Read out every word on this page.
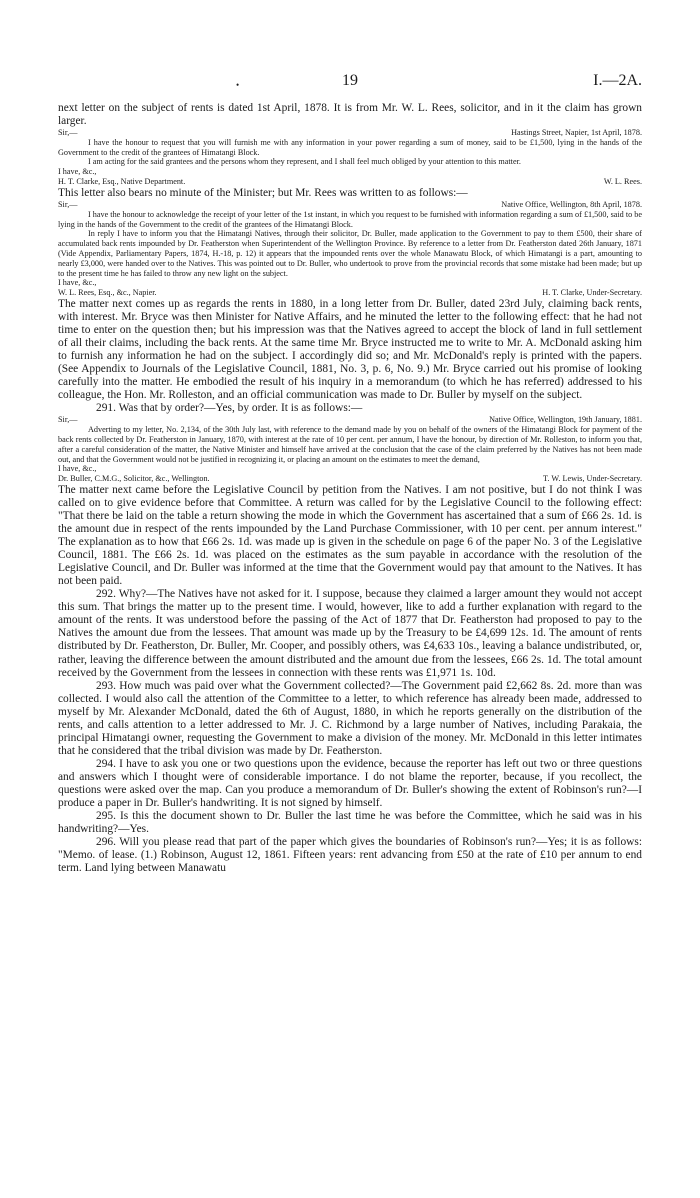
•	19	I.—2A.

next letter on the subject of rents is dated 1st April, 1878. It is from Mr. W. L. Rees, solicitor, and in it the claim has grown larger.

Sir,—	Hastings Street, Napier, 1st April, 1878.

I have the honour to request that you will furnish me with any information in your power regarding a sum of money, said to be £1,500, lying in the hands of the Government to the credit of the grantees of Himatangi Block.

I am acting for the said grantees and the persons whom they represent, and I shall feel much obliged by your attention to this matter.

I have, &c.,

H. T. Clarke, Esq., Native Department.	W. L. Rees.

This letter also bears no minute of the Minister; but Mr. Rees was written to as follows:—

Sir,—	Native Office, Wellington, 8th April, 1878.

I have the honour to acknowledge the receipt of your letter of the 1st instant, in which you request to be furnished with information regarding a sum of £1,500, said to be lying in the hands of the Government to the credit of the grantees of the Himatangi Block.

In reply I have to inform you that the Himatangi Natives, through their solicitor, Dr. Buller, made application to the Government to pay to them £500, their share of accumulated back rents impounded by Dr. Featherston when Superintendent of the Wellington Province. By reference to a letter from Dr. Featherston dated 26th January, 1871 (Vide Appendix, Parliamentary Papers, 1874, H.-18, p. 12) it appears that the impounded rents over the whole Manawatu Block, of which Himatangi is a part, amounting to nearly £3,000, were handed over to the Natives. This was pointed out to Dr. Buller, who undertook to prove from the provincial records that some mistake had been made; but up to the present time he has failed to throw any new light on the subject.

I have, &c.,

W. L. Rees, Esq., &c., Napier.	H. T. Clarke, Under-Secretary.

The matter next comes up as regards the rents in 1880, in a long letter from Dr. Buller, dated 23rd July, claiming back rents, with interest. Mr. Bryce was then Minister for Native Affairs, and he minuted the letter to the following effect: that he had not time to enter on the question then; but his impression was that the Natives agreed to accept the block of land in full settlement of all their claims, including the back rents. At the same time Mr. Bryce instructed me to write to Mr. A. McDonald asking him to furnish any information he had on the subject. I accordingly did so; and Mr. McDonald's reply is printed with the papers. (See Appendix to Journals of the Legislative Council, 1881, No. 3, p. 6, No. 9.) Mr. Bryce carried out his promise of looking carefully into the matter. He embodied the result of his inquiry in a memorandum (to which he has referred) addressed to his colleague, the Hon. Mr. Rolleston, and an official communication was made to Dr. Buller by myself on the subject.

291. Was that by order?—Yes, by order. It is as follows:—

Sir,—	Native Office, Wellington, 19th January, 1881.

Adverting to my letter, No. 2,134, of the 30th July last, with reference to the demand made by you on behalf of the owners of the Himatangi Block for payment of the back rents collected by Dr. Featherston in January, 1870, with interest at the rate of 10 per cent. per annum, I have the honour, by direction of Mr. Rolleston, to inform you that, after a careful consideration of the matter, the Native Minister and himself have arrived at the conclusion that the case of the claim preferred by the Natives has not been made out, and that the Government would not be justified in recognizing it, or placing an amount on the estimates to meet the demand,

I have, &c.,

Dr. Buller, C.M.G., Solicitor, &c., Wellington.	T. W. Lewis, Under-Secretary.

The matter next came before the Legislative Council by petition from the Natives. I am not positive, but I do not think I was called on to give evidence before that Committee. A return was called for by the Legislative Council to the following effect: "That there be laid on the table a return showing the mode in which the Government has ascertained that a sum of £66 2s. 1d. is the amount due in respect of the rents impounded by the Land Purchase Commissioner, with 10 per cent. per annum interest." The explanation as to how that £66 2s. 1d. was made up is given in the schedule on page 6 of the paper No. 3 of the Legislative Council, 1881. The £66 2s. 1d. was placed on the estimates as the sum payable in accordance with the resolution of the Legislative Council, and Dr. Buller was informed at the time that the Government would pay that amount to the Natives. It has not been paid.

292. Why?—The Natives have not asked for it. I suppose, because they claimed a larger amount they would not accept this sum. That brings the matter up to the present time. I would, however, like to add a further explanation with regard to the amount of the rents. It was understood before the passing of the Act of 1877 that Dr. Featherston had proposed to pay to the Natives the amount due from the lessees. That amount was made up by the Treasury to be £4,699 12s. 1d. The amount of rents distributed by Dr. Featherston, Dr. Buller, Mr. Cooper, and possibly others, was £4,633 10s., leaving a balance undistributed, or, rather, leaving the difference between the amount distributed and the amount due from the lessees, £66 2s. 1d. The total amount received by the Government from the lessees in connection with these rents was £1,971 1s. 10d.

293. How much was paid over what the Government collected?—The Government paid £2,662 8s. 2d. more than was collected. I would also call the attention of the Committee to a letter, to which reference has already been made, addressed to myself by Mr. Alexander McDonald, dated the 6th of August, 1880, in which he reports generally on the distribution of the rents, and calls attention to a letter addressed to Mr. J. C. Richmond by a large number of Natives, including Parakaia, the principal Himatangi owner, requesting the Government to make a division of the money. Mr. McDonald in this letter intimates that he considered that the tribal division was made by Dr. Featherston.

294. I have to ask you one or two questions upon the evidence, because the reporter has left out two or three questions and answers which I thought were of considerable importance. I do not blame the reporter, because, if you recollect, the questions were asked over the map. Can you produce a memorandum of Dr. Buller's showing the extent of Robinson's run?—I produce a paper in Dr. Buller's handwriting. It is not signed by himself.

295. Is this the document shown to Dr. Buller the last time he was before the Committee, which he said was in his handwriting?—Yes.

296. Will you please read that part of the paper which gives the boundaries of Robinson's run?—Yes; it is as follows: "Memo. of lease. (1.) Robinson, August 12, 1861. Fifteen years: rent advancing from £50 at the rate of £10 per annum to end term. Land lying between Manawatu
